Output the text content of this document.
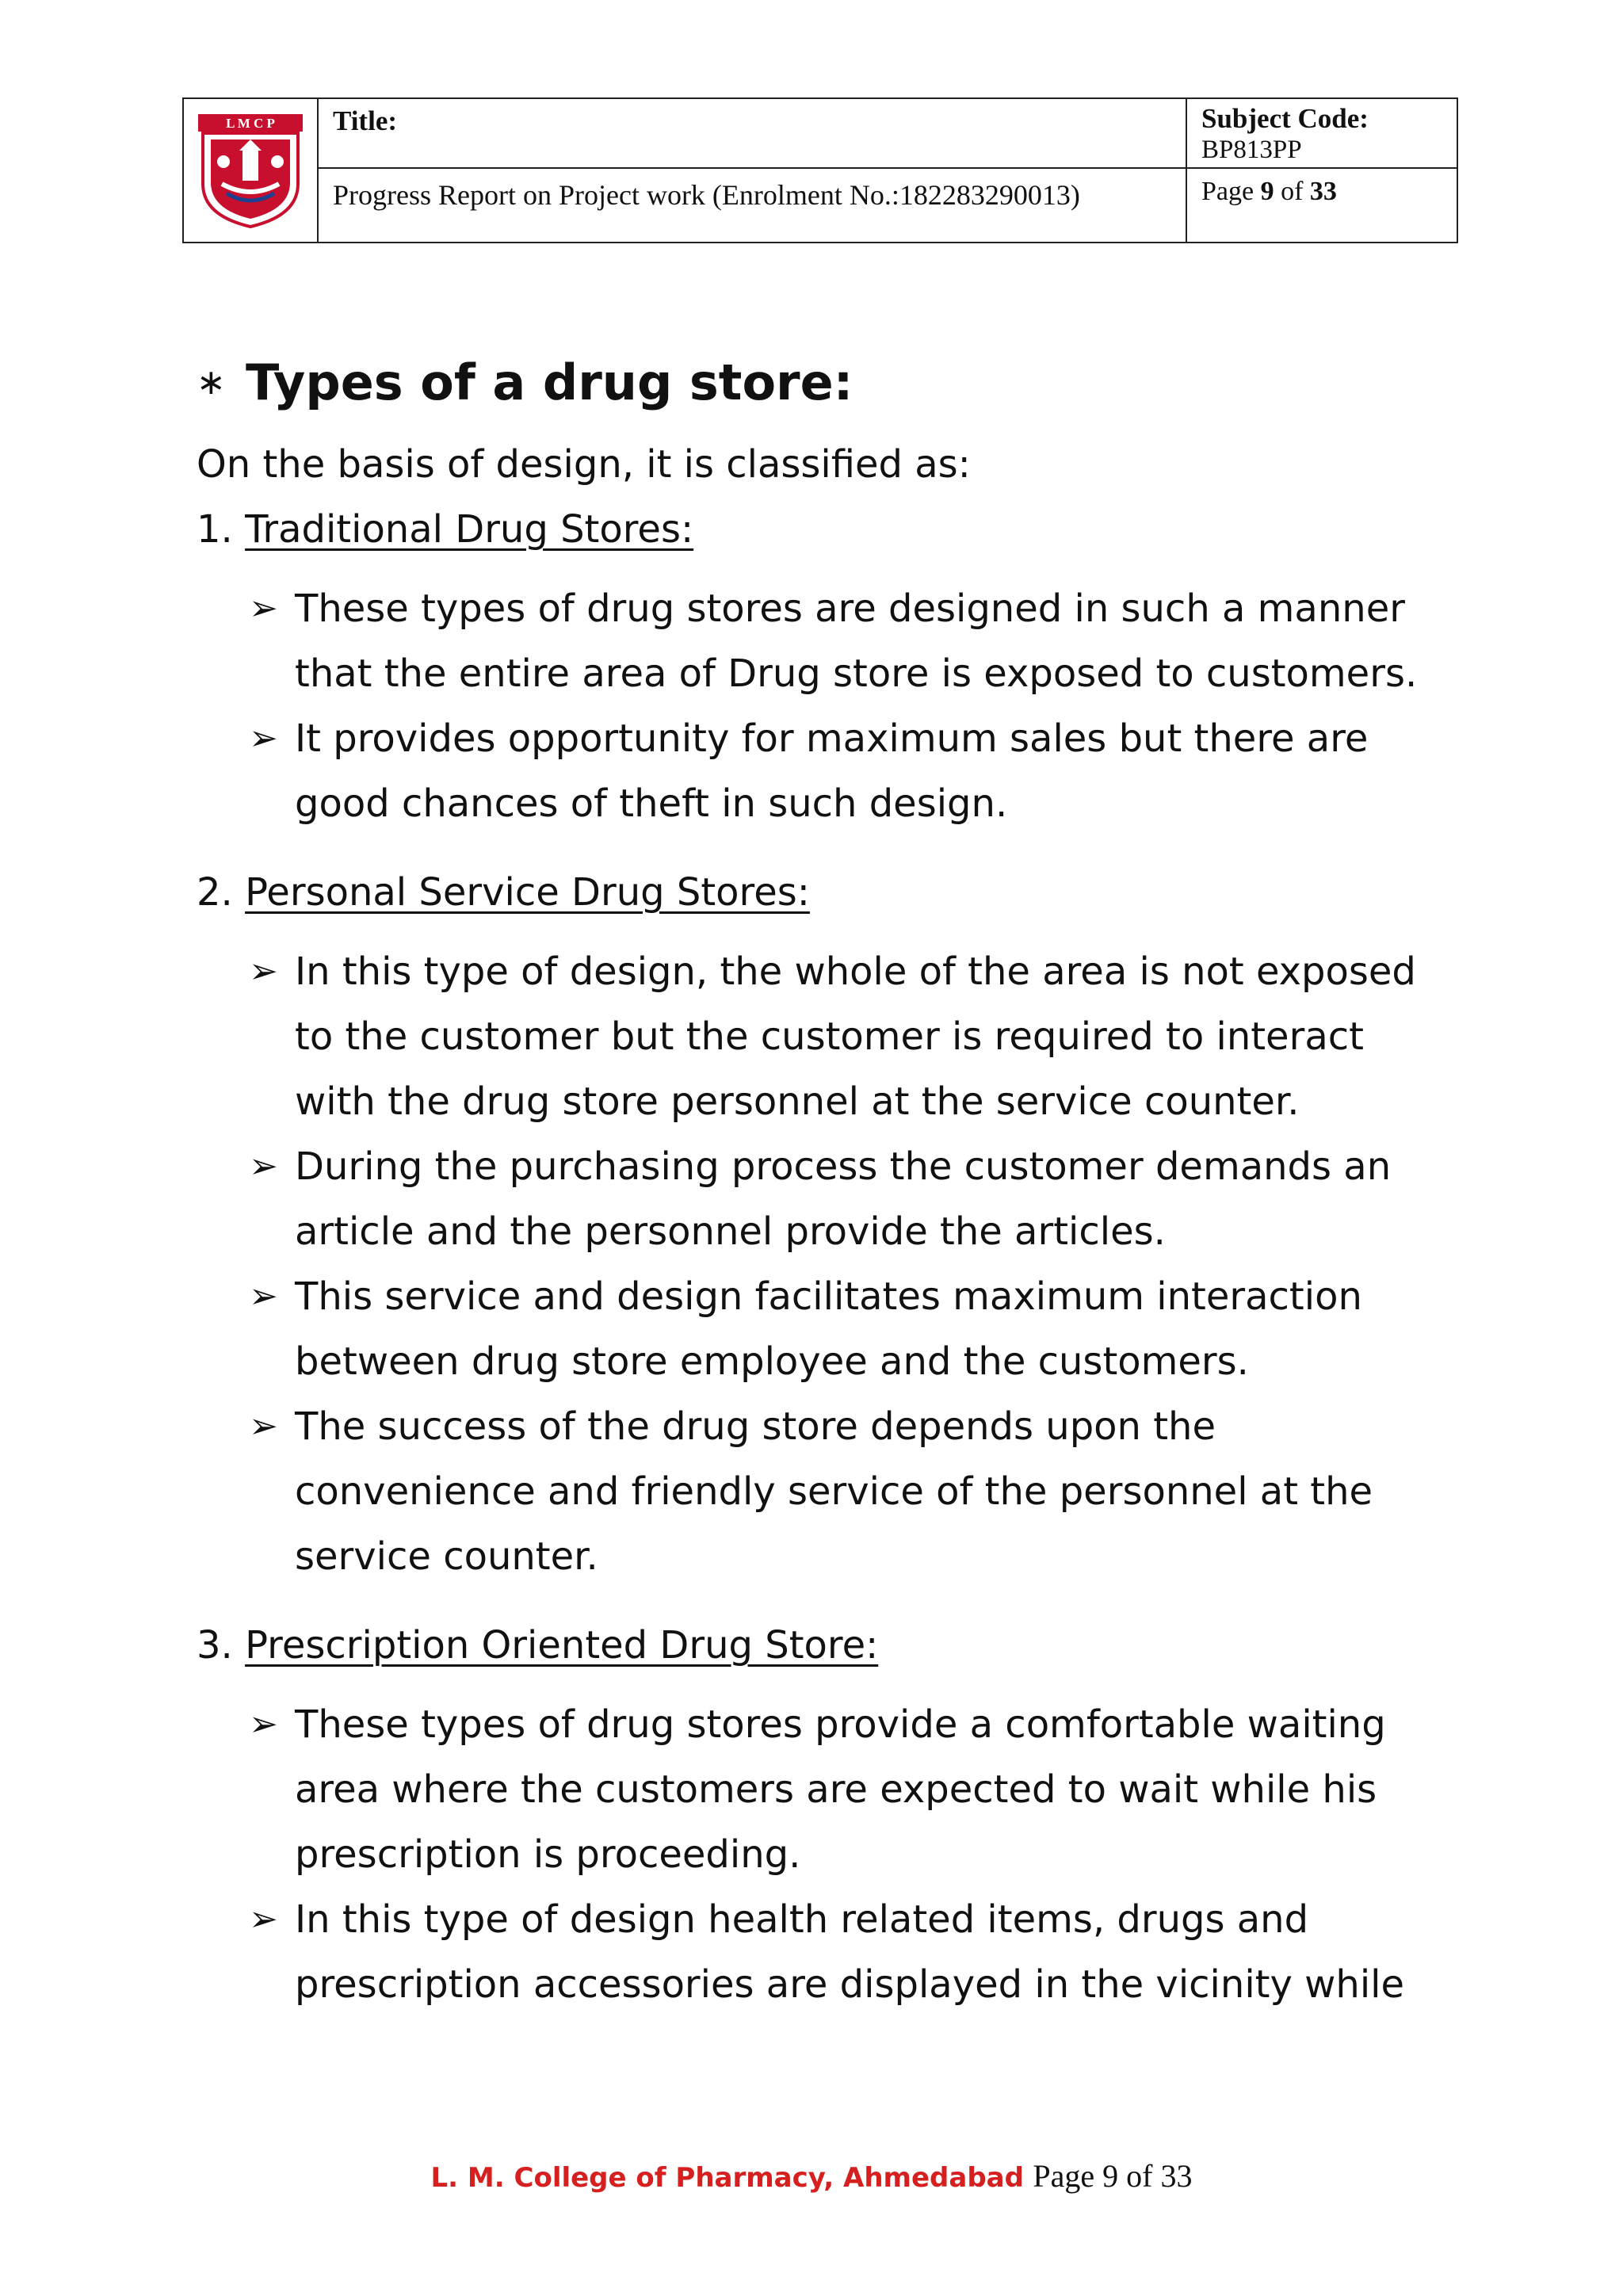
L M C P	Title:	Subject Code:
BP813PP
Progress Report on Project work (Enrolment No.:182283290013)	Page 9 of 33
∗ Types of a drug store:
On the basis of design, it is classified as:
1. Traditional Drug Stores:
➢ These types of drug stores are designed in such a manner that the entire area of Drug store is exposed to customers.
➢ It provides opportunity for maximum sales but there are good chances of theft in such design.
2. Personal Service Drug Stores:
➢ In this type of design, the whole of the area is not exposed to the customer but the customer is required to interact with the drug store personnel at the service counter.
➢ During the purchasing process the customer demands an article and the personnel provide the articles.
➢ This service and design facilitates maximum interaction between drug store employee and the customers.
➢ The success of the drug store depends upon the convenience and friendly service of the personnel at the service counter.
3. Prescription Oriented Drug Store:
➢ These types of drug stores provide a comfortable waiting area where the customers are expected to wait while his prescription is proceeding.
➢ In this type of design health related items, drugs and prescription accessories are displayed in the vicinity while
L. M. College of Pharmacy, Ahmedabad Page 9 of 33
